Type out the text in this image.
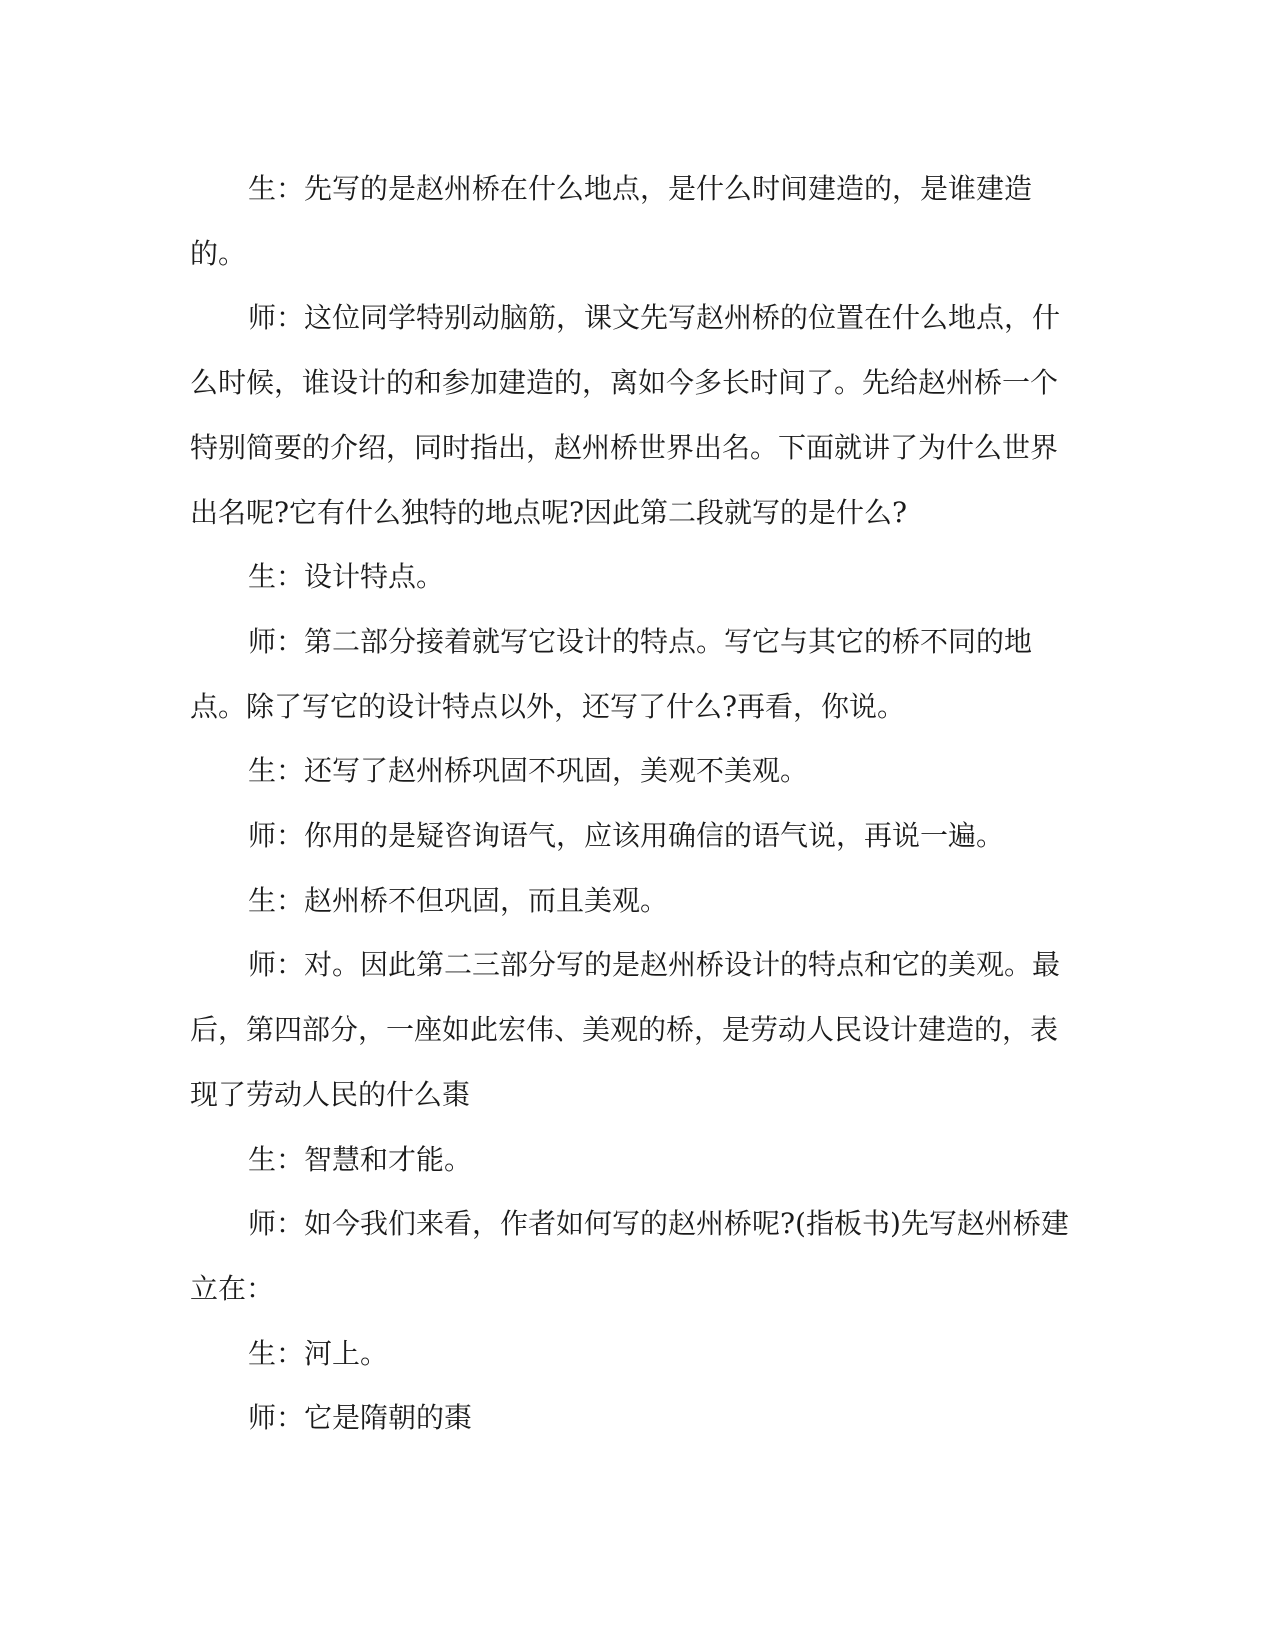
生：先写的是赵州桥在什么地点，是什么时间建造的，是谁建造的。

师：这位同学特别动脑筋，课文先写赵州桥的位置在什么地点，什么时候，谁设计的和参加建造的，离如今多长时间了。先给赵州桥一个特别简要的介绍，同时指出，赵州桥世界出名。下面就讲了为什么世界出名呢?它有什么独特的地点呢?因此第二段就写的是什么?

生：设计特点。

师：第二部分接着就写它设计的特点。写它与其它的桥不同的地点。除了写它的设计特点以外，还写了什么?再看，你说。

生：还写了赵州桥巩固不巩固，美观不美观。

师：你用的是疑咨询语气，应该用确信的语气说，再说一遍。

生：赵州桥不但巩固，而且美观。

师：对。因此第二三部分写的是赵州桥设计的特点和它的美观。最后，第四部分，一座如此宏伟、美观的桥，是劳动人民设计建造的，表现了劳动人民的什么棗

生：智慧和才能。

师：如今我们来看，作者如何写的赵州桥呢?(指板书)先写赵州桥建立在：

生：河上。

师：它是隋朝的棗
